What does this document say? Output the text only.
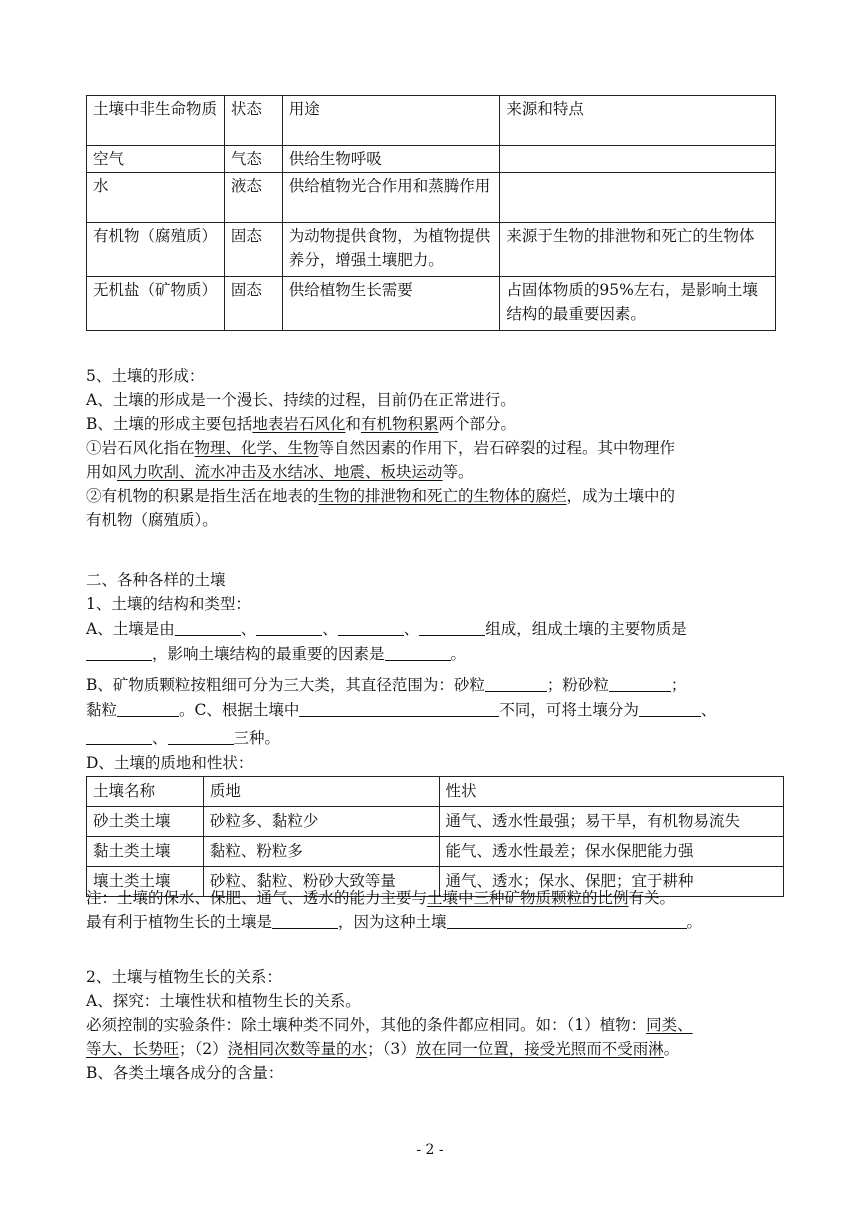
土壤中非生命物质	状态	用途	来源和特点
空气	气态	供给生物呼吸	
水	液态	供给植物光合作用和蒸腾作用	
有机物（腐殖质）	固态	为动物提供食物，为植物提供养分，增强土壤肥力。	来源于生物的排泄物和死亡的生物体
无机盐（矿物质）	固态	供给植物生长需要	占固体物质的95%左右，是影响土壤结构的最重要因素。
5、土壤的形成：
A、土壤的形成是一个漫长、持续的过程，目前仍在正常进行。
B、土壤的形成主要包括地表岩石风化和有机物积累两个部分。
①岩石风化指在物理、化学、生物等自然因素的作用下，岩石碎裂的过程。其中物理作
用如风力吹刮、流水冲击及水结冰、地震、板块运动等。
②有机物的积累是指生活在地表的生物的排泄物和死亡的生物体的腐烂，成为土壤中的
有机物（腐殖质）。
二、各种各样的土壤
1、土壤的结构和类型：
A、土壤是由	、	、	、	组成，组成土壤的主要物质是
，影响土壤结构的最重要的因素是	。
B、矿物质颗粒按粗细可分为三大类，其直径范围为：砂粒	；粉砂粒	；
黏粒	。C、根据土壤中	不同，可将土壤分为	、
、	三种。
D、土壤的质地和性状：
土壤名称	质地	性状
砂土类土壤	砂粒多、黏粒少	通气、透水性最强；易干旱，有机物易流失
黏土类土壤	黏粒、粉粒多	能气、透水性最差；保水保肥能力强
壤土类土壤	砂粒、黏粒、粉砂大致等量	通气、透水；保水、保肥；宜于耕种
注：土壤的保水、保肥、通气、透水的能力主要与土壤中三种矿物质颗粒的比例有关。
最有利于植物生长的土壤是	，因为这种土壤	。
2、土壤与植物生长的关系：
A、探究：土壤性状和植物生长的关系。
必须控制的实验条件：除土壤种类不同外，其他的条件都应相同。如：（1）植物：同类、
等大、长势旺；（2）浇相同次数等量的水；（3）放在同一位置，接受光照而不受雨淋。
B、各类土壤各成分的含量：
- 2 -
